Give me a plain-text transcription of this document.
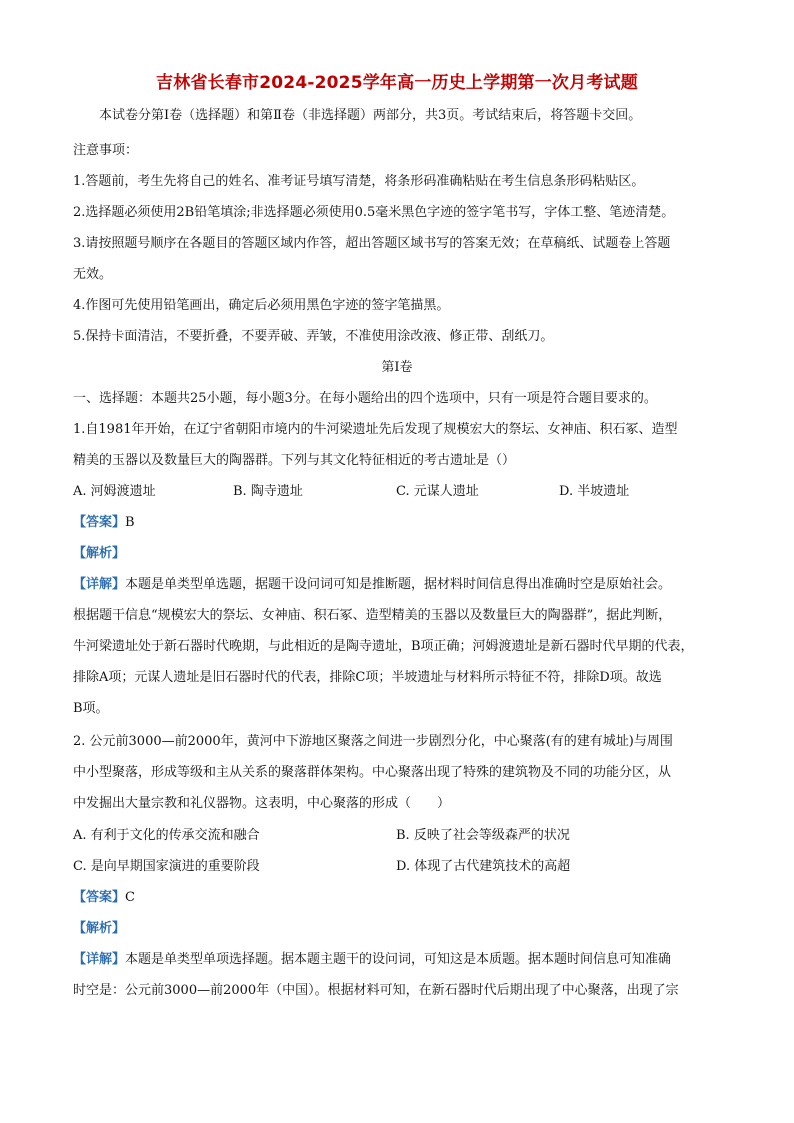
吉林省长春市2024-2025学年高一历史上学期第一次月考试题
本试卷分第Ⅰ卷（选择题）和第Ⅱ卷（非选择题）两部分，共3页。考试结束后，将答题卡交回。
注意事项：
1.答题前，考生先将自己的姓名、准考证号填写清楚，将条形码准确粘贴在考生信息条形码粘贴区。
2.选择题必须使用2B铅笔填涂;非选择题必须使用0.5毫米黑色字迹的签字笔书写，字体工整、笔迹清楚。
3.请按照题号顺序在各题目的答题区域内作答，超出答题区域书写的答案无效；在草稿纸、试题卷上答题
无效。
4.作图可先使用铅笔画出，确定后必须用黑色字迹的签字笔描黑。
5.保持卡面清洁，不要折叠，不要弄破、弄皱，不准使用涂改液、修正带、刮纸刀。
第Ⅰ卷
一、选择题：本题共25小题，每小题3分。在每小题给出的四个选项中，只有一项是符合题目要求的。
1.自1981年开始，在辽宁省朝阳市境内的牛河梁遗址先后发现了规模宏大的祭坛、女神庙、积石冢、造型
精美的玉器以及数量巨大的陶器群。下列与其文化特征相近的考古遗址是（）
A. 河姆渡遗址	B. 陶寺遗址	C. 元谋人遗址	D. 半坡遗址
【答案】B
【解析】
【详解】本题是单类型单选题，据题干设问词可知是推断题，据材料时间信息得出准确时空是原始社会。
根据题干信息“规模宏大的祭坛、女神庙、积石冢、造型精美的玉器以及数量巨大的陶器群”，据此判断，
牛河梁遗址处于新石器时代晚期，与此相近的是陶寺遗址，B项正确；河姆渡遗址是新石器时代早期的代表，
排除A项；元谋人遗址是旧石器时代的代表，排除C项；半坡遗址与材料所示特征不符，排除D项。故选
B项。
2. 公元前3000—前2000年，黄河中下游地区聚落之间进一步剧烈分化，中心聚落(有的建有城址)与周围
中小型聚落，形成等级和主从关系的聚落群体架构。中心聚落出现了特殊的建筑物及不同的功能分区，从
中发掘出大量宗教和礼仪器物。这表明，中心聚落的形成（　　）
A. 有利于文化的传承交流和融合	B. 反映了社会等级森严的状况
C. 是向早期国家演进的重要阶段	D. 体现了古代建筑技术的高超
【答案】C
【解析】
【详解】本题是单类型单项选择题。据本题主题干的设问词，可知这是本质题。据本题时间信息可知准确
时空是：公元前3000—前2000年（中国）。根据材料可知，在新石器时代后期出现了中心聚落，出现了宗
